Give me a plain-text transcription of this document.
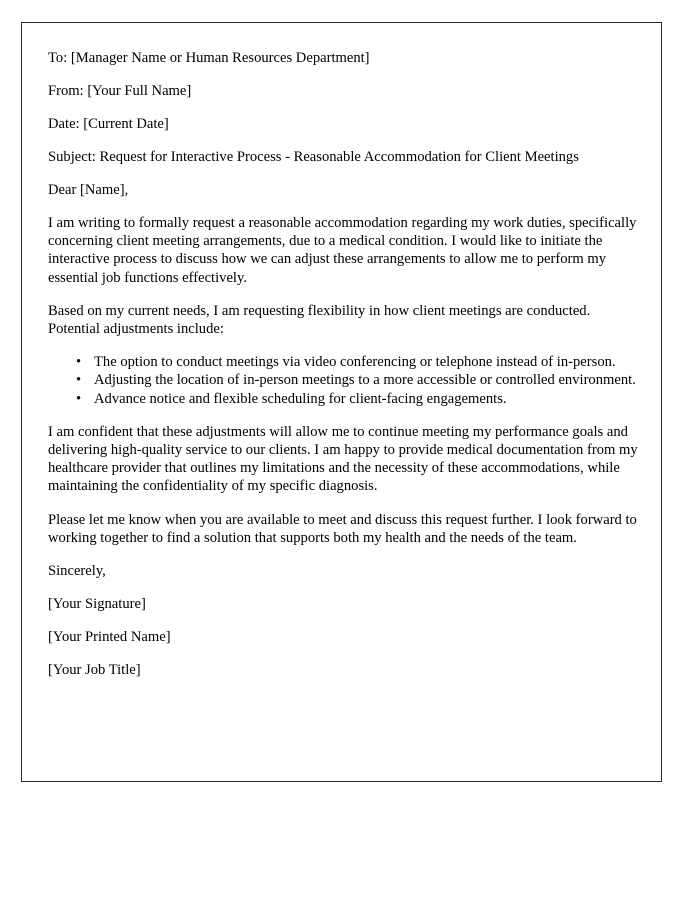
To: [Manager Name or Human Resources Department]
From: [Your Full Name]
Date: [Current Date]
Subject: Request for Interactive Process - Reasonable Accommodation for Client Meetings
Dear [Name],

I am writing to formally request a reasonable accommodation regarding my work duties, specifically concerning client meeting arrangements, due to a medical condition. I would like to initiate the interactive process to discuss how we can adjust these arrangements to allow me to perform my essential job functions effectively.

Based on my current needs, I am requesting flexibility in how client meetings are conducted. Potential adjustments include:

• The option to conduct meetings via video conferencing or telephone instead of in-person.
• Adjusting the location of in-person meetings to a more accessible or controlled environment.
• Advance notice and flexible scheduling for client-facing engagements.

I am confident that these adjustments will allow me to continue meeting my performance goals and delivering high-quality service to our clients. I am happy to provide medical documentation from my healthcare provider that outlines my limitations and the necessity of these accommodations, while maintaining the confidentiality of my specific diagnosis.

Please let me know when you are available to meet and discuss this request further. I look forward to working together to find a solution that supports both my health and the needs of the team.

Sincerely,
[Your Signature]
[Your Printed Name]
[Your Job Title]
